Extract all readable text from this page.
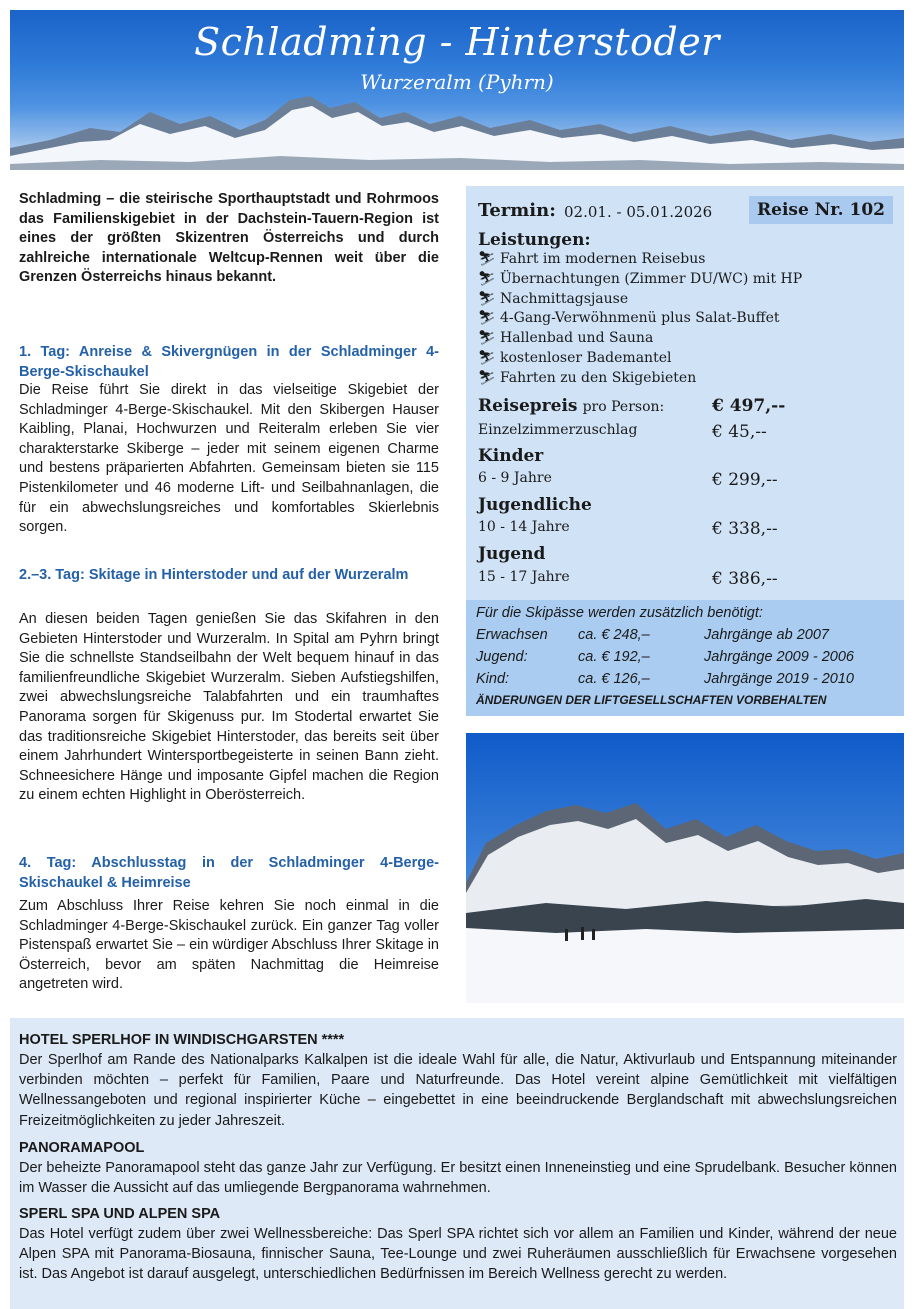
Schladming - Hinterstoder
Wurzeralm (Pyhrn)
Schladming – die steirische Sporthauptstadt und Rohrmoos das Familienskigebiet in der Dachstein-Tauern-Region ist eines der größten Skizentren Österreichs und durch zahlreiche internationale Weltcup-Rennen weit über die Grenzen Österreichs hinaus bekannt.
1. Tag: Anreise & Skivergnügen in der Schladminger 4-Berge-Skischaukel
Die Reise führt Sie direkt in das vielseitige Skigebiet der Schladminger 4-Berge-Skischaukel. Mit den Skibergen Hauser Kaibling, Planai, Hochwurzen und Reiteralm erleben Sie vier charakterstarke Skiberge – jeder mit seinem eigenen Charme und bestens präparierten Abfahrten. Gemeinsam bieten sie 115 Pistenkilometer und 46 moderne Lift- und Seilbahnanlagen, die für ein abwechslungsreiches und komfortables Skierlebnis sorgen.
2.–3. Tag: Skitage in Hinterstoder und auf der Wurzeralm
An diesen beiden Tagen genießen Sie das Skifahren in den Gebieten Hinterstoder und Wurzeralm. In Spital am Pyhrn bringt Sie die schnellste Standseilbahn der Welt bequem hinauf in das familienfreundliche Skigebiet Wurzeralm. Sieben Aufstiegshilfen, zwei abwechslungsreiche Talabfahrten und ein traumhaftes Panorama sorgen für Skigenuss pur. Im Stodertal erwartet Sie das traditionsreiche Skigebiet Hinterstoder, das bereits seit über einem Jahrhundert Wintersportbegeisterte in seinen Bann zieht. Schneesichere Hänge und imposante Gipfel machen die Region zu einem echten Highlight in Oberösterreich.
4. Tag: Abschlusstag in der Schladminger 4-Berge-Skischaukel & Heimreise
Zum Abschluss Ihrer Reise kehren Sie noch einmal in die Schladminger 4-Berge-Skischaukel zurück. Ein ganzer Tag voller Pistenspaß erwartet Sie – ein würdiger Abschluss Ihrer Skitage in Österreich, bevor am späten Nachmittag die Heimreise angetreten wird.
Termin: 02.01. - 05.01.2026	Reise Nr. 102
Leistungen:
⛷ Fahrt im modernen Reisebus
⛷ Übernachtungen (Zimmer DU/WC) mit HP
⛷ Nachmittagsjause
⛷ 4-Gang-Verwöhnmenü plus Salat-Buffet
⛷ Hallenbad und Sauna
⛷ kostenloser Bademantel
⛷ Fahrten zu den Skigebieten
Reisepreis pro Person:	€ 497,--
Einzelzimmerzuschlag	€ 45,--
Kinder
6 - 9 Jahre	€ 299,--
Jugendliche
10 - 14 Jahre	€ 338,--
Jugend
15 - 17 Jahre	€ 386,--
Für die Skipässe werden zusätzlich benötigt:
Erwachsen ca. € 248,–	Jahrgänge ab 2007
Jugend:	ca. € 192,–	Jahrgänge 2009 - 2006
Kind:	ca. € 126,–	Jahrgänge 2019 - 2010
ÄNDERUNGEN DER LIFTGESELLSCHAFTEN VORBEHALTEN
HOTEL SPERLHOF IN WINDISCHGARSTEN ****
Der Sperlhof am Rande des Nationalparks Kalkalpen ist die ideale Wahl für alle, die Natur, Aktivurlaub und Entspannung miteinander verbinden möchten – perfekt für Familien, Paare und Naturfreunde. Das Hotel vereint alpine Gemütlichkeit mit vielfältigen Wellnessangeboten und regional inspirierter Küche – eingebettet in eine beeindruckende Berglandschaft mit abwechslungsreichen Freizeitmöglichkeiten zu jeder Jahreszeit.
PANORAMAPOOL
Der beheizte Panoramapool steht das ganze Jahr zur Verfügung. Er besitzt einen Inneneinstieg und eine Sprudelbank. Besucher können im Wasser die Aussicht auf das umliegende Bergpanorama wahrnehmen.
SPERL SPA UND ALPEN SPA
Das Hotel verfügt zudem über zwei Wellnessbereiche: Das Sperl SPA richtet sich vor allem an Familien und Kinder, während der neue Alpen SPA mit Panorama-Biosauna, finnischer Sauna, Tee-Lounge und zwei Ruheräumen ausschließlich für Erwachsene vorgesehen ist. Das Angebot ist darauf ausgelegt, unterschiedlichen Bedürfnissen im Bereich Wellness gerecht zu werden.
